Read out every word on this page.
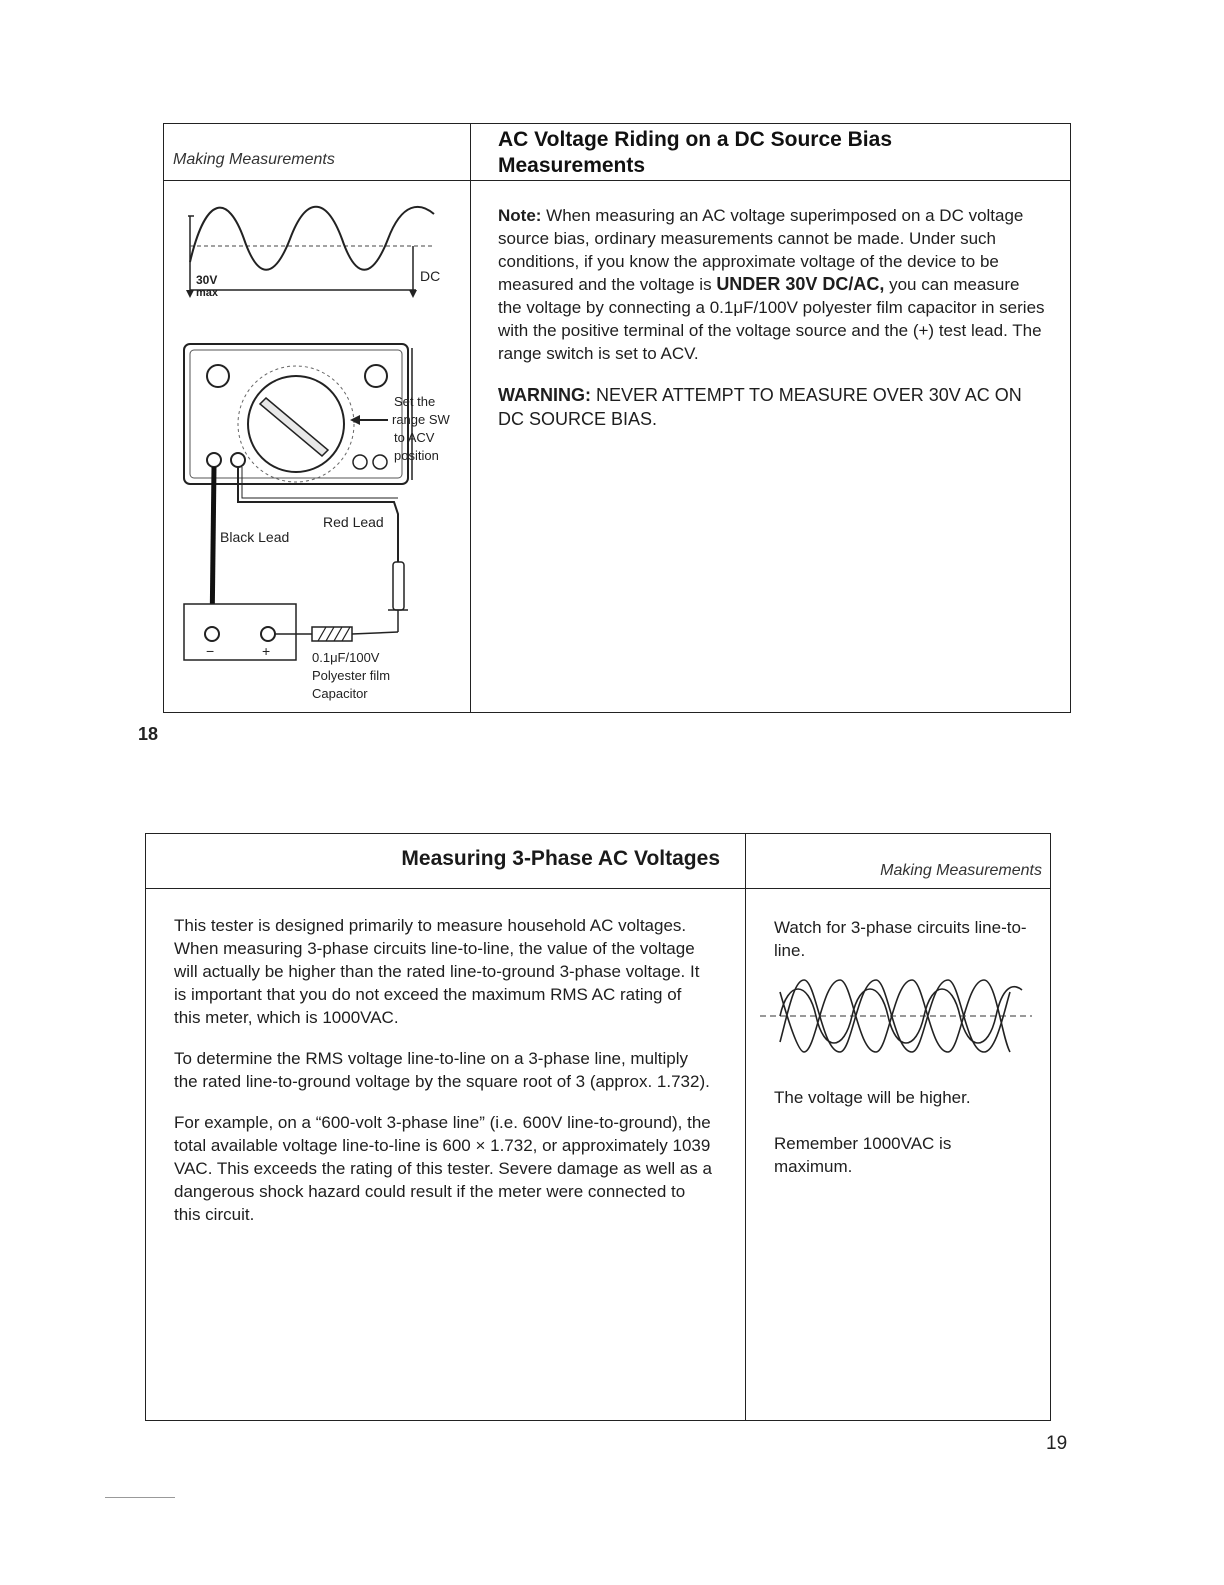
Making Measurements
AC Voltage Riding on a DC Source Bias
Measurements

Note: When measuring an AC voltage superimposed on a DC voltage source bias, ordinary measurements cannot be made. Under such conditions, if you know the approximate voltage of the device to be measured and the voltage is UNDER 30V DC/AC, you can measure the voltage by connecting a 0.1μF/100V polyester film capacitor in series with the positive terminal of the voltage source and the (+) test lead. The range switch is set to ACV.

WARNING: NEVER ATTEMPT TO MEASURE OVER 30V AC ON DC SOURCE BIAS.

30V
max
DC
Set the
range SW
to ACV
position
Black Lead
Red Lead
−	+	0.1μF/100V
Polyester film
Capacitor
18
Measuring 3-Phase AC Voltages
Making Measurements

This tester is designed primarily to measure household AC voltages. When measuring 3-phase circuits line-to-line, the value of the voltage will actually be higher than the rated line-to-ground 3-phase voltage. It is important that you do not exceed the maximum RMS AC rating of this meter, which is 1000VAC.

To determine the RMS voltage line-to-line on a 3-phase line, multiply the rated line-to-ground voltage by the square root of 3 (approx. 1.732).

For example, on a “600-volt 3-phase line” (i.e. 600V line-to-ground), the total available voltage line-to-line is 600 × 1.732, or approximately 1039 VAC. This exceeds the rating of this tester. Severe damage as well as a dangerous shock hazard could result if the meter were connected to this circuit.

Watch for 3-phase circuits line-to-line.
The voltage will be higher.
Remember 1000VAC is maximum.
19
